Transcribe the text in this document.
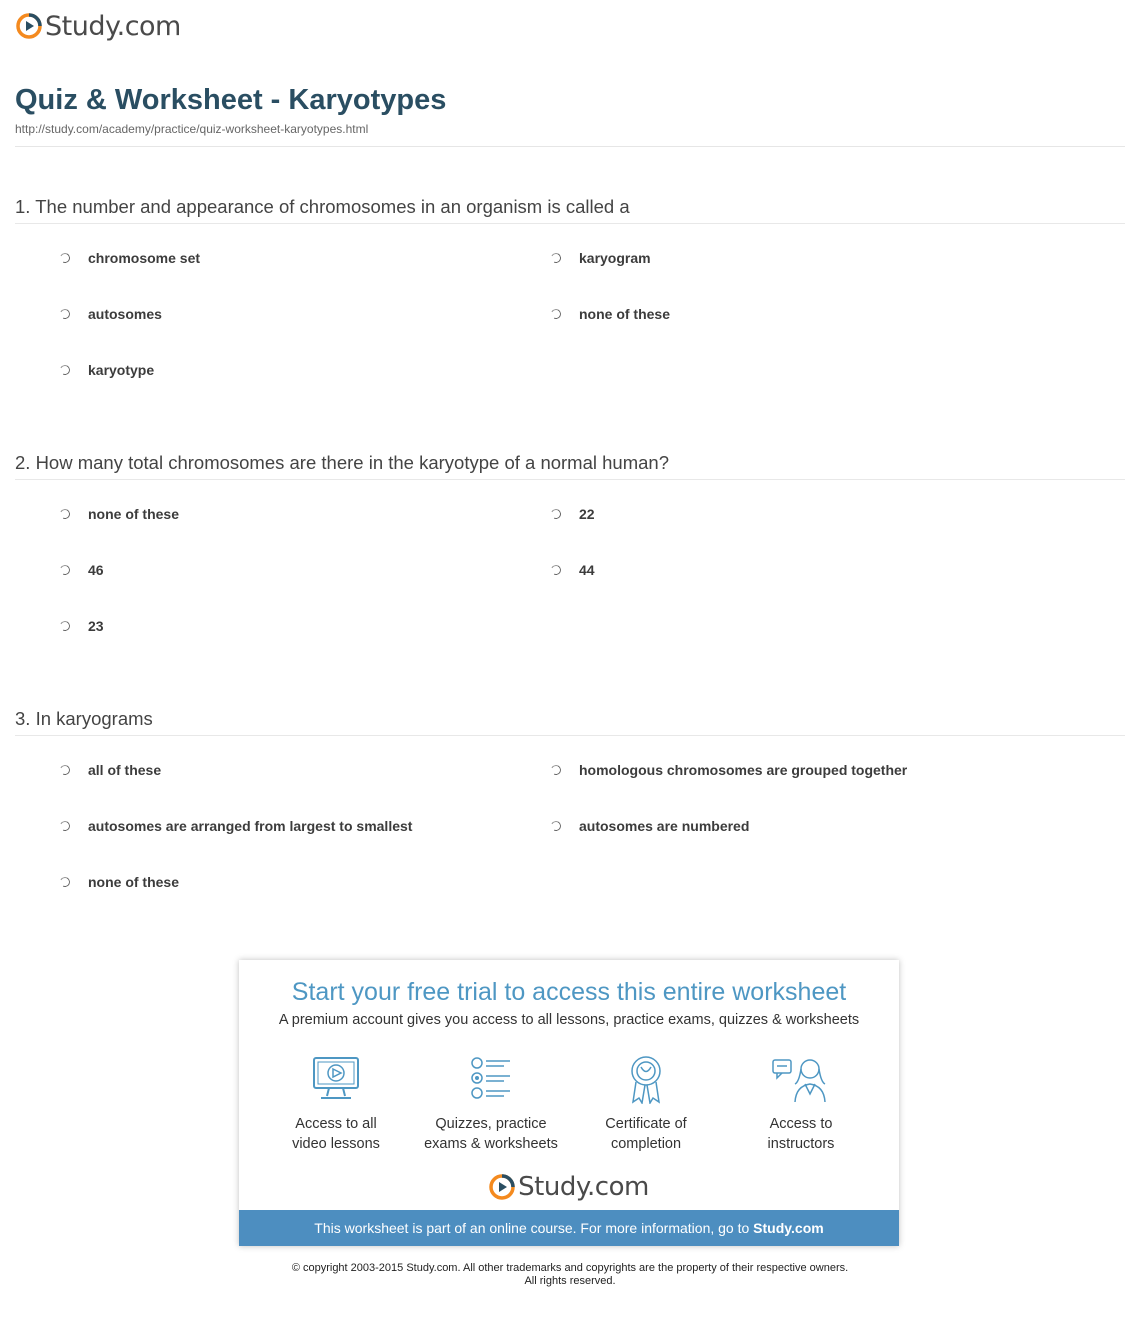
Study.com
Quiz & Worksheet - Karyotypes
http://study.com/academy/practice/quiz-worksheet-karyotypes.html
1. The number and appearance of chromosomes in an organism is called a
chromosome set	karyogram
autosomes	none of these
karyotype
2. How many total chromosomes are there in the karyotype of a normal human?
none of these	22
46	44
23
3. In karyograms
all of these	homologous chromosomes are grouped together
autosomes are arranged from largest to smallest	autosomes are numbered
none of these
Start your free trial to access this entire worksheet
A premium account gives you access to all lessons, practice exams, quizzes & worksheets
Access to all
video lessons
Quizzes, practice
exams & worksheets
Certificate of
completion
Access to
instructors
Study.com
This worksheet is part of an online course. For more information, go to Study.com
© copyright 2003-2015 Study.com. All other trademarks and copyrights are the property of their respective owners.
All rights reserved.
